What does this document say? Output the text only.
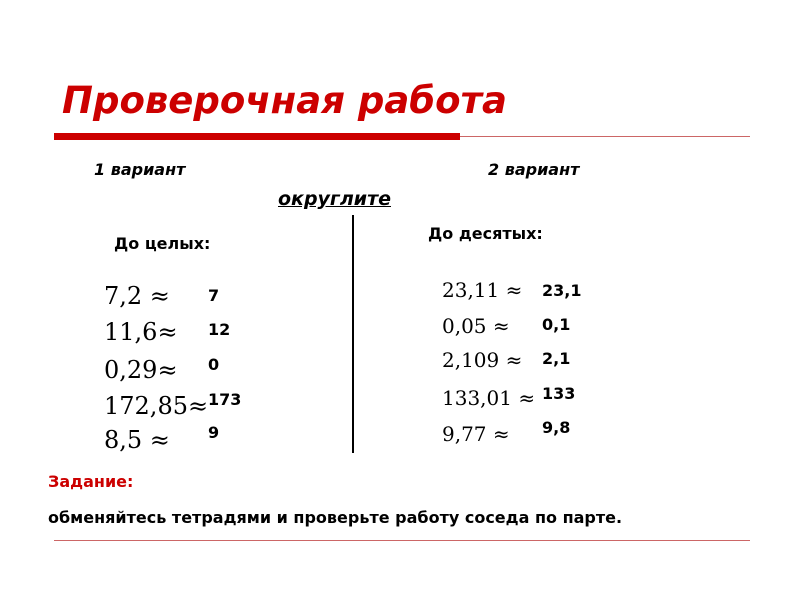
Проверочная работа
1 вариант	2 вариант
округлите
До целых:
7,2 ≈
11,6≈
0,29≈
172,85≈
8,5 ≈
7
12
0
173
9
До десятых:
23,11 ≈
0,05 ≈
2,109 ≈
133,01 ≈
9,77 ≈
23,1
0,1
2,1
133
9,8
Задание:
обменяйтесь тетрадями и проверьте работу соседа по парте.
